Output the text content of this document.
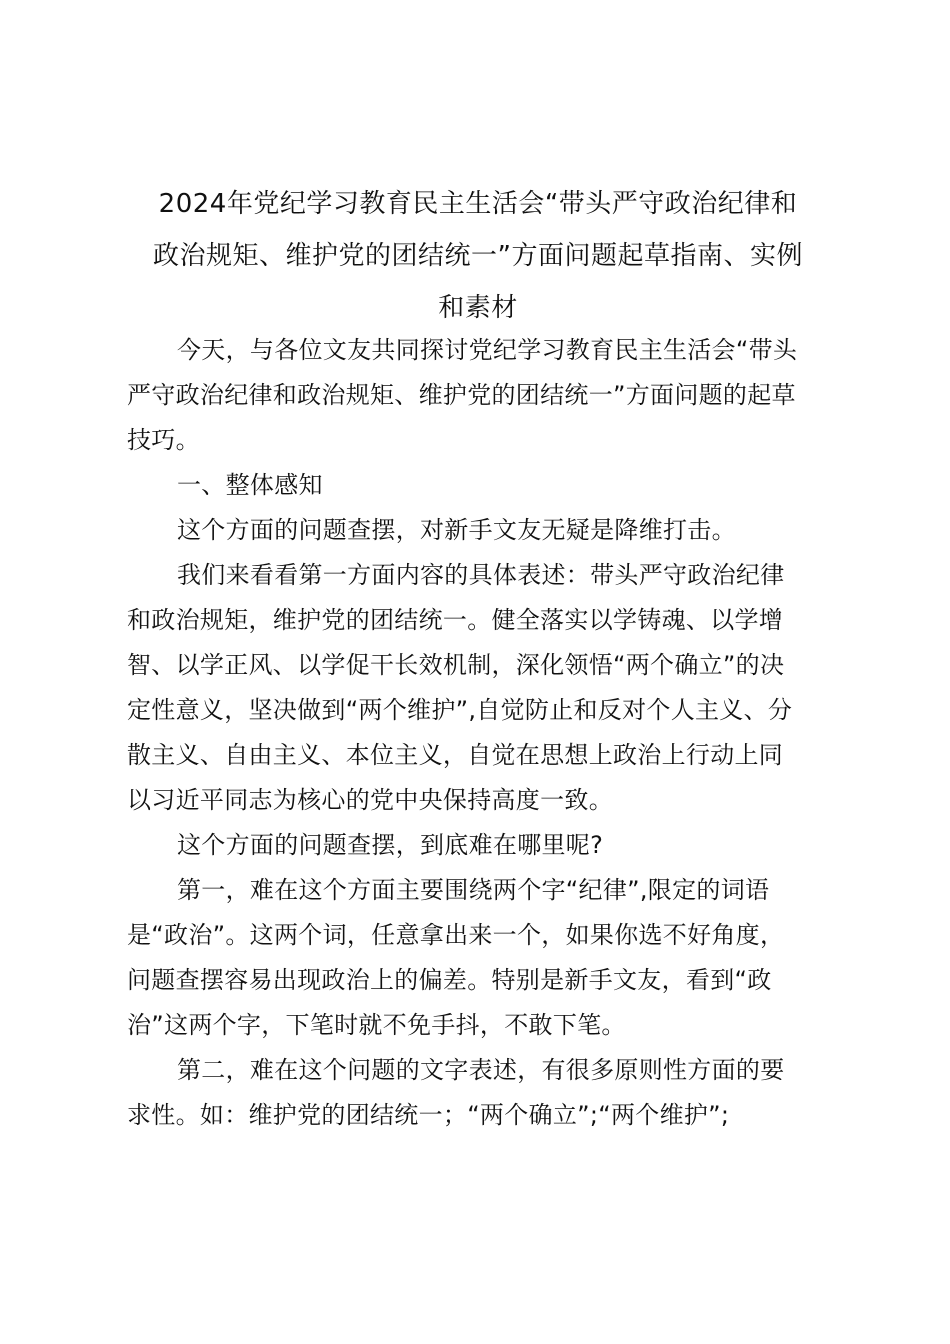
2024年党纪学习教育民主生活会“带头严守政治纪律和
政治规矩、维护党的团结统一”方面问题起草指南、实例
和素材

今天，与各位文友共同探讨党纪学习教育民主生活会“带头
严守政治纪律和政治规矩、维护党的团结统一”方面问题的起草
技巧。

一、整体感知

这个方面的问题查摆，对新手文友无疑是降维打击。

我们来看看第一方面内容的具体表述：带头严守政治纪律
和政治规矩，维护党的团结统一。健全落实以学铸魂、以学增
智、以学正风、以学促干长效机制，深化领悟“两个确立”的决
定性意义，坚决做到“两个维护”,自觉防止和反对个人主义、分
散主义、自由主义、本位主义，自觉在思想上政治上行动上同
以习近平同志为核心的党中央保持高度一致。

这个方面的问题查摆，到底难在哪里呢?

第一，难在这个方面主要围绕两个字“纪律”,限定的词语
是“政治”。这两个词，任意拿出来一个，如果你选不好角度，
问题查摆容易出现政治上的偏差。特别是新手文友，看到“政
治”这两个字，下笔时就不免手抖，不敢下笔。

第二，难在这个问题的文字表述，有很多原则性方面的要
求性。如：维护党的团结统一；“两个确立”;“两个维护”;
